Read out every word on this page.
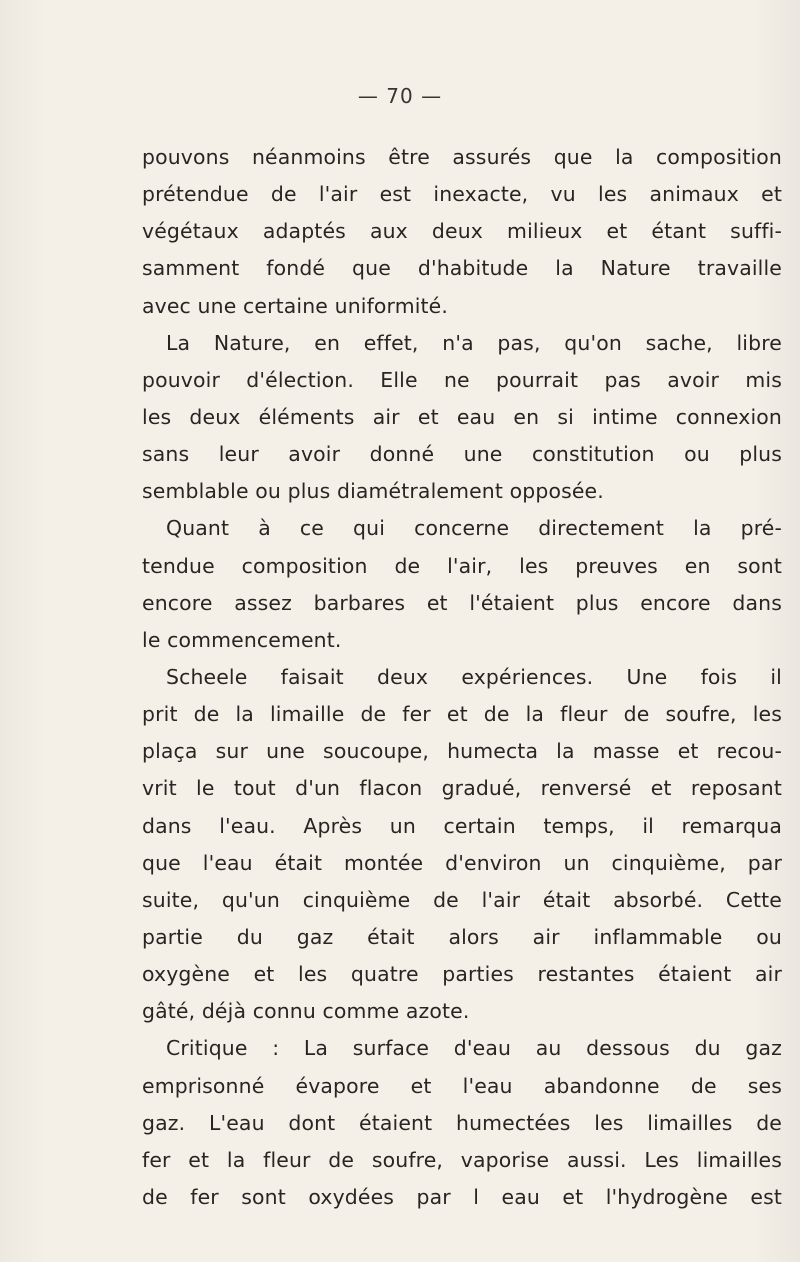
— 70 —
pouvons néanmoins être assurés que la composition
prétendue de l'air est inexacte, vu les animaux et
végétaux adaptés aux deux milieux et étant suffi-
samment fondé que d'habitude la Nature travaille
avec une certaine uniformité.
La Nature, en effet, n'a pas, qu'on sache, libre
pouvoir d'élection. Elle ne pourrait pas avoir mis
les deux éléments air et eau en si intime connexion
sans leur avoir donné une constitution ou plus
semblable ou plus diamétralement opposée.
Quant à ce qui concerne directement la pré-
tendue composition de l'air, les preuves en sont
encore assez barbares et l'étaient plus encore dans
le commencement.
Scheele faisait deux expériences. Une fois il
prit de la limaille de fer et de la fleur de soufre, les
plaça sur une soucoupe, humecta la masse et recou-
vrit le tout d'un flacon gradué, renversé et reposant
dans l'eau. Après un certain temps, il remarqua
que l'eau était montée d'environ un cinquième, par
suite, qu'un cinquième de l'air était absorbé. Cette
partie du gaz était alors air inflammable ou
oxygène et les quatre parties restantes étaient air
gâté, déjà connu comme azote.
Critique : La surface d'eau au dessous du gaz
emprisonné évapore et l'eau abandonne de ses
gaz. L'eau dont étaient humectées les limailles de
fer et la fleur de soufre, vaporise aussi. Les limailles
de fer sont oxydées par l eau et l'hydrogène est
